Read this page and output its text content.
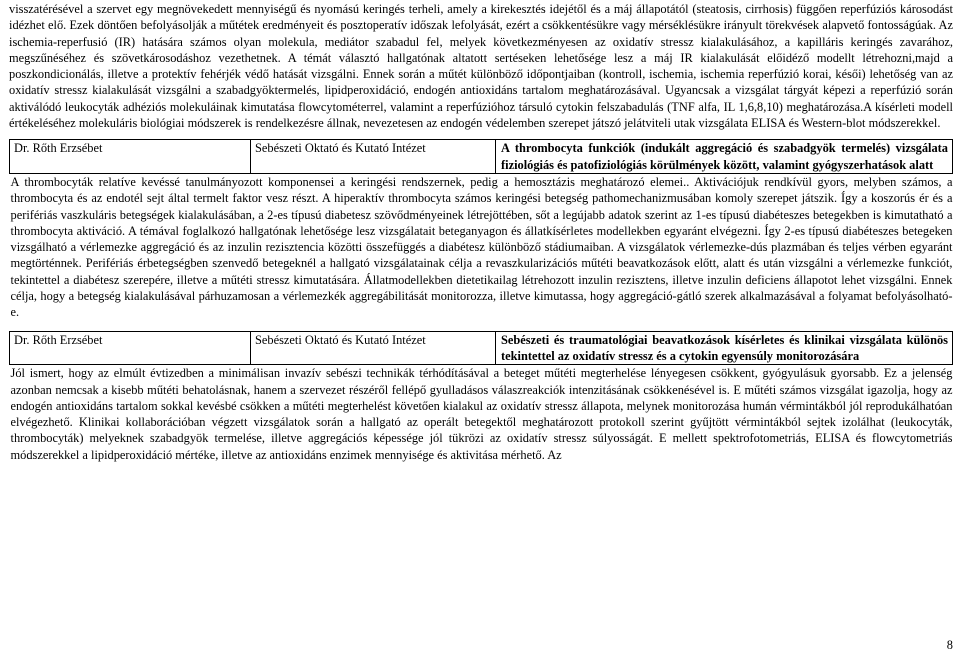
visszatérésével a szervet egy megnövekedett mennyiségű és nyomású keringés terheli, amely a kirekesztés idejétől és a máj állapotától (steatosis, cirrhosis) függően reperfúziós károsodást idézhet elő. Ezek döntően befolyásolják a műtétek eredményeit és posztoperatív időszak lefolyását, ezért a csökkentésükre vagy mérséklésükre irányult törekvések alapvető fontosságúak. Az ischemia-reperfusió (IR) hatására számos olyan molekula, mediátor szabadul fel, melyek következményesen az oxidatív stressz kialakulásához, a kapilláris keringés zavarához, megszűnéséhez és szövetkárosodáshoz vezethetnek. A témát választó hallgatónak altatott sertéseken lehetősége lesz a máj IR kialakulását előidéző modellt létrehozni,majd a poszkondicionálás, illetve a protektív fehérjék védő hatását vizsgálni. Ennek során a műtét különböző időpontjaiban (kontroll, ischemia, ischemia reperfúzió korai, késői) lehetőség van az oxidatív stressz kialakulását vizsgálni a szabadgyöktermelés, lipidperoxidáció, endogén antioxidáns tartalom meghatározásával. Ugyancsak a vizsgálat tárgyát képezi a reperfúzió során aktiválódó leukocyták adhéziós molekuláinak kimutatása flowcytométerrel, valamint a reperfúzióhoz társuló cytokin felszabadulás (TNF alfa, IL 1,6,8,10) meghatározása.A kísérleti modell értékeléséhez molekuláris biológiai módszerek is rendelkezésre állnak, nevezetesen az endogén védelemben szerepet játszó jelátviteli utak vizsgálata ELISA és Western-blot módszerekkel.

Dr. Rőth Erzsébet	Sebészeti Oktató és Kutató Intézet	A thrombocyta funkciók (indukált aggregáció és szabadgyök termelés) vizsgálata fiziológiás és patofiziológiás körülmények között, valamint gyógyszerhatások alatt
A thrombocyták relatíve kevéssé tanulmányozott komponensei a keringési rendszernek, pedig a hemosztázis meghatározó elemei.. Aktivációjuk rendkívül gyors, melyben számos, a thrombocyta és az endotél sejt által termelt faktor vesz részt. A hiperaktív thrombocyta számos keringési betegség pathomechanizmusában komoly szerepet játszik. Így a koszorús ér és a perifériás vaszkuláris betegségek kialakulásában, a 2-es típusú diabetesz szövődményeinek létrejöttében, sőt a legújabb adatok szerint az 1-es típusú diabéteszes betegekben is kimutatható a thrombocyta aktiváció. A témával foglalkozó hallgatónak lehetősége lesz vizsgálatait beteganyagon és állatkísérletes modellekben egyaránt elvégezni. Így 2-es típusú diabéteszes betegeken vizsgálható a vérlemezke aggregáció és az inzulin rezisztencia közötti összefüggés a diabétesz különböző stádiumaiban. A vizsgálatok vérlemezke-dús plazmában és teljes vérben egyaránt megtörténnek. Perifériás érbetegségben szenvedő betegeknél a hallgató vizsgálatainak célja a revaszkularizációs műtéti beavatkozások előtt, alatt és után vizsgálni a vérlemezke funkciót, tekintettel a diabétesz szerepére, illetve a műtéti stressz kimutatására. Állatmodellekben dietetikailag létrehozott inzulin rezisztens, illetve inzulin deficiens állapotot lehet vizsgálni. Ennek célja, hogy a betegség kialakulásával párhuzamosan a vérlemezkék aggregábilitását monitorozza, illetve kimutassa, hogy aggregáció-gátló szerek alkalmazásával a folyamat befolyásolható-e.
Dr. Rőth Erzsébet	Sebészeti Oktató és Kutató Intézet	Sebészeti és traumatológiai beavatkozások kísérletes és klinikai vizsgálata különös tekintettel az oxidatív stressz és a cytokin egyensúly monitorozására
Jól ismert, hogy az elmúlt évtizedben a minimálisan invazív sebészi technikák térhódításával a beteget műtéti megterhelése lényegesen csökkent, gyógyulásuk gyorsabb. Ez a jelenség azonban nemcsak a kisebb műtéti behatolásnak, hanem a szervezet részéről fellépő gyulladásos válaszreakciók intenzitásának csökkenésével is. E műtéti számos vizsgálat igazolja, hogy az endogén antioxidáns tartalom sokkal kevésbé csökken a műtéti megterhelést követően kialakul az oxidatív stressz állapota, melynek monitorozása humán vérmintákból jól reprodukálhatóan elvégezhető. Klinikai kollaborációban végzett vizsgálatok során a hallgató az operált betegektől meghatározott protokoll szerint gyűjtött vérmintákból sejtek izolálhat (leukocyták, thrombocyták) melyeknek szabadgyök termelése, illetve aggregációs képessége jól tükrözi az oxidatív stressz súlyosságát. E mellett spektrofotometriás, ELISA és flowcytometriás módszerekkel a lipidperoxidáció mértéke, illetve az antioxidáns enzimek mennyisége és aktivitása mérhető. Az
8
